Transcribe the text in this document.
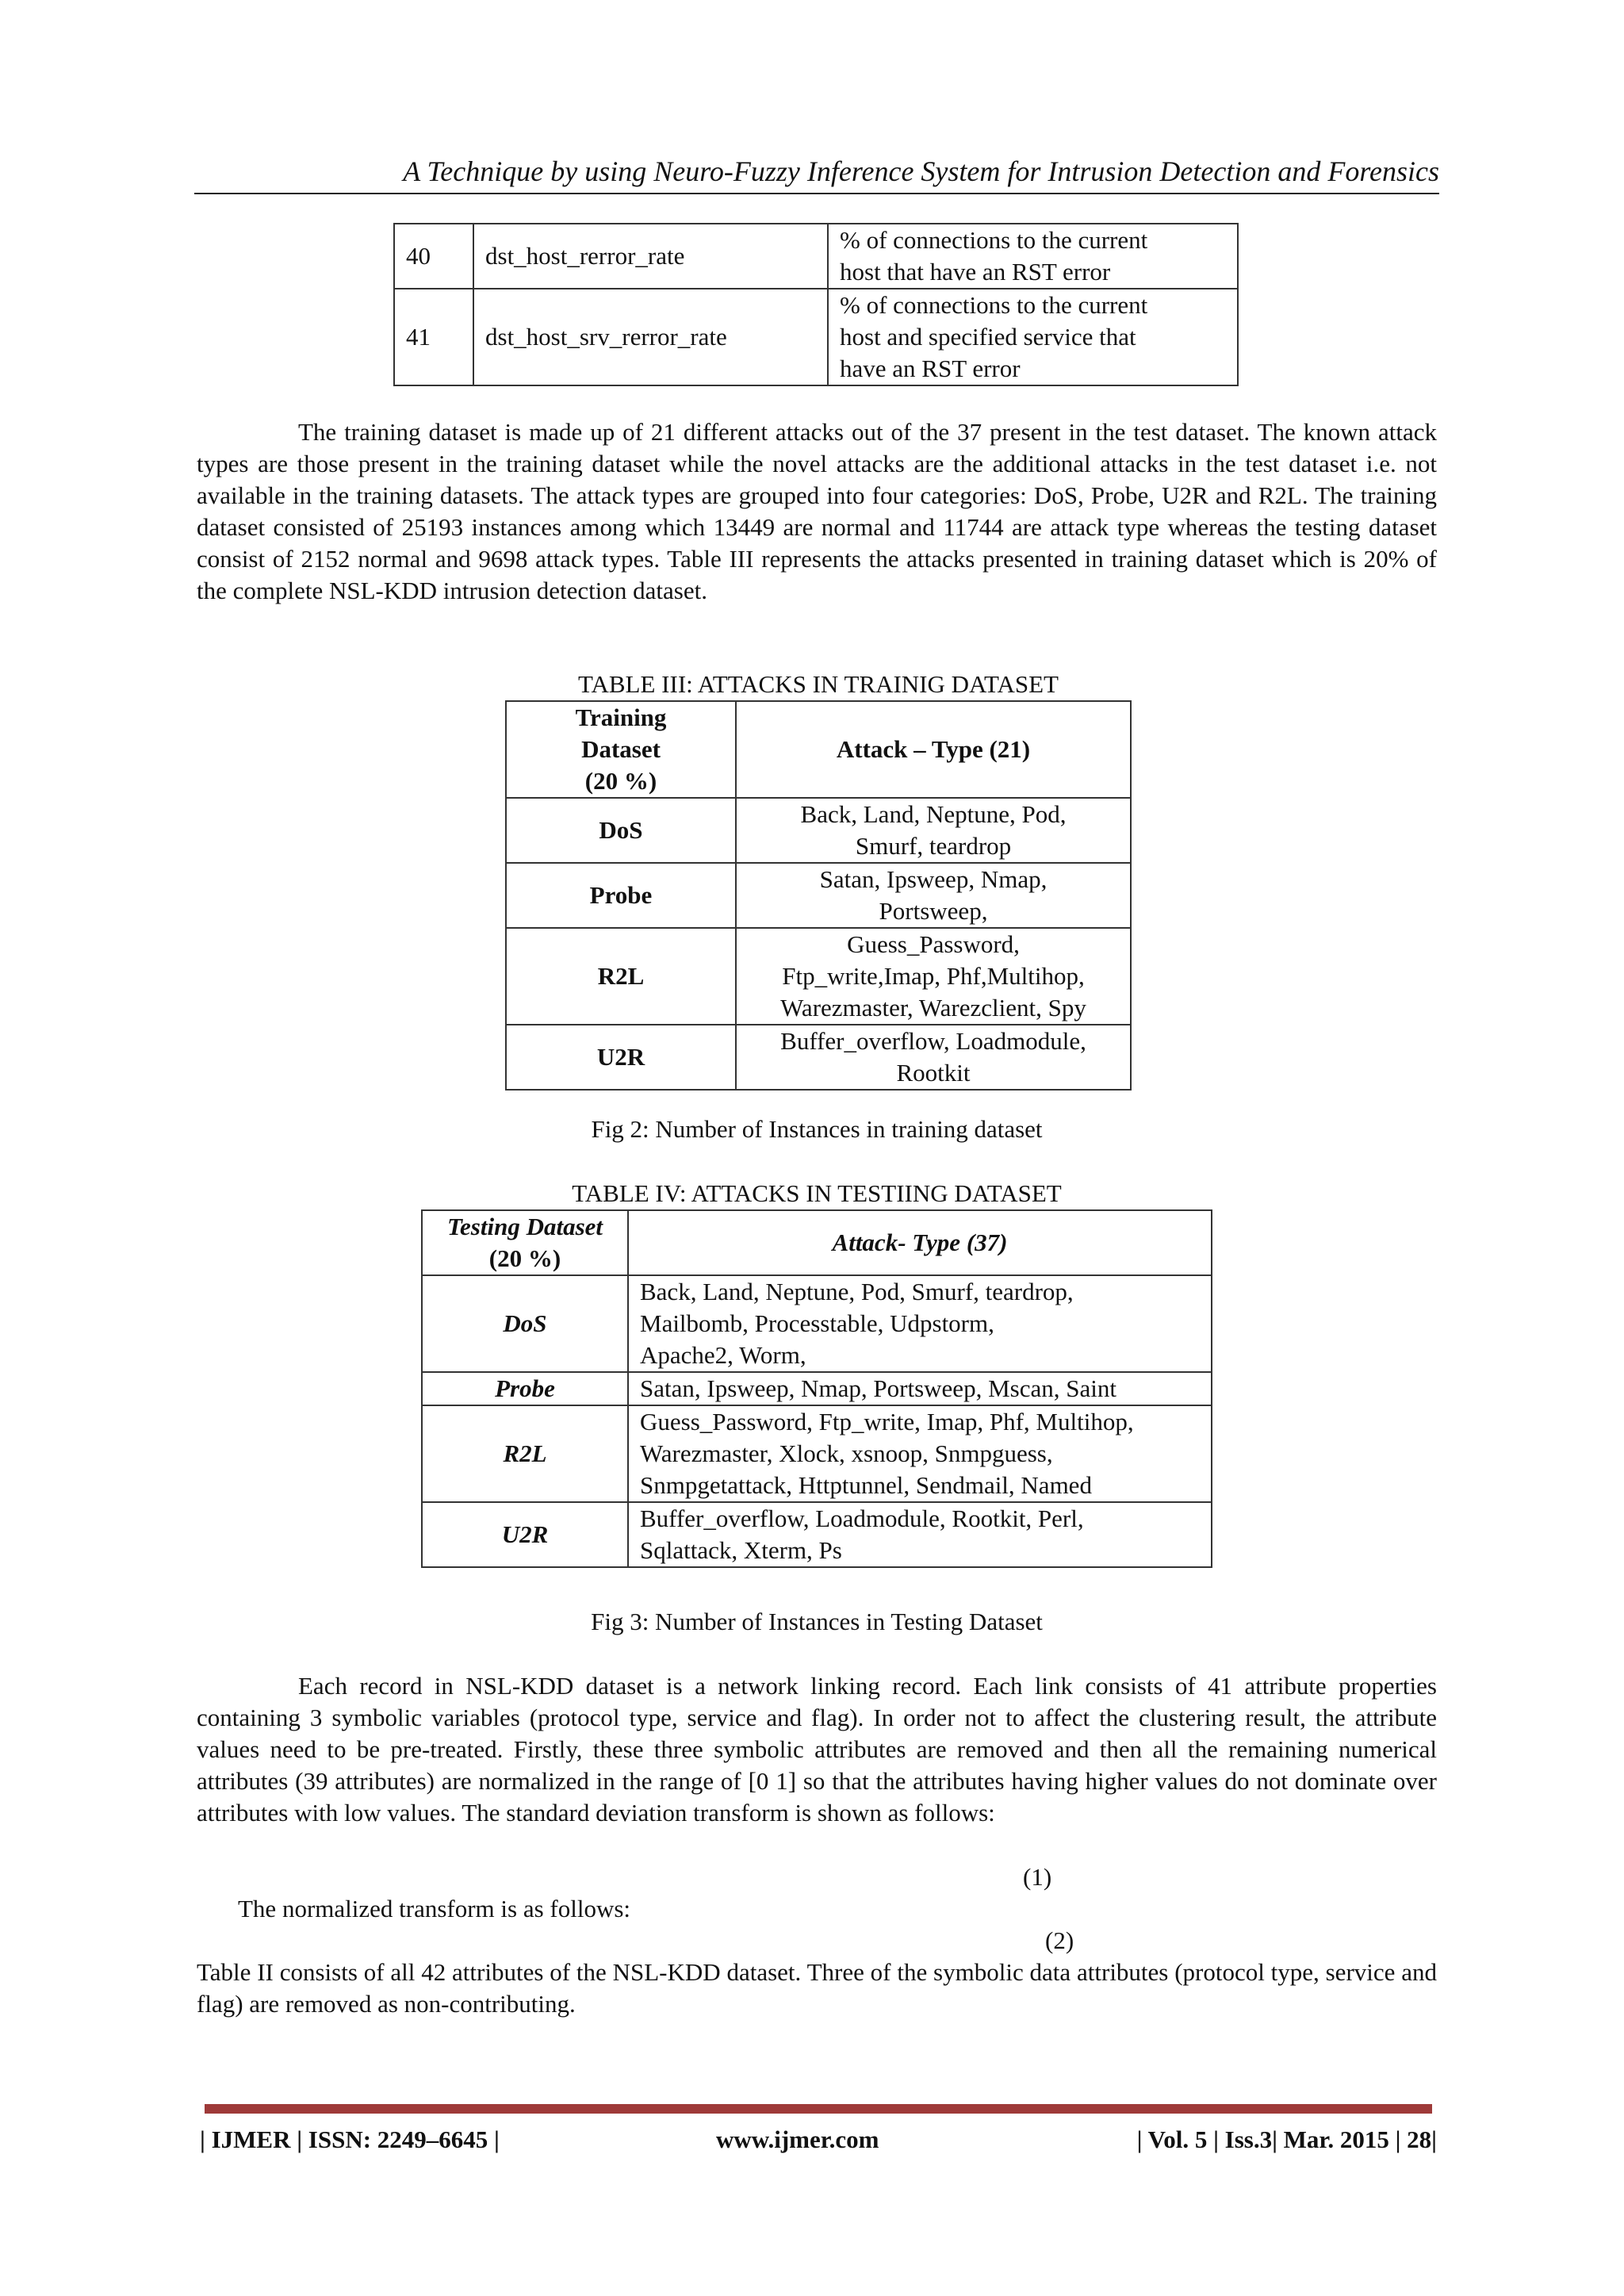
A Technique by using Neuro-Fuzzy Inference System for Intrusion Detection and Forensics
40	dst_host_rerror_rate	% of connections to the current
host that have an RST error

41	dst_host_srv_rerror_rate	% of connections to the current
host and specified service that
have an RST error

The training dataset is made up of 21 different attacks out of the 37 present in the test dataset. The known attack types are those present in the training dataset while the novel attacks are the additional attacks in the test dataset i.e. not available in the training datasets. The attack types are grouped into four categories: DoS, Probe, U2R and R2L. The training dataset consisted of 25193 instances among which 13449 are normal and 11744 are attack type whereas the testing dataset consist of 2152 normal and 9698 attack types. Table III represents the attacks presented in training dataset which is 20% of the complete NSL-KDD intrusion detection dataset.

TABLE III: ATTACKS IN TRAINIG DATASET
Training
Dataset
(20 %)	Attack – Type (21)
DoS	Back, Land, Neptune, Pod,
Smurf, teardrop

Probe	Satan, Ipsweep, Nmap,
Portsweep,

R2L	Guess_Password,
Ftp_write,Imap, Phf,Multihop,
Warezmaster, Warezclient, Spy

U2R	Buffer_overflow, Loadmodule,
Rootkit
Fig 2: Number of Instances in training dataset
TABLE IV: ATTACKS IN TESTIING DATASET
Testing Dataset
(20 %)	Attack- Type (37)
DoS	Back, Land, Neptune, Pod, Smurf, teardrop,
Mailbomb, Processtable, Udpstorm,
Apache2, Worm,

Probe	Satan, Ipsweep, Nmap, Portsweep, Mscan, Saint

R2L	Guess_Password, Ftp_write, Imap, Phf, Multihop,
Warezmaster, Xlock, xsnoop, Snmpguess,
Snmpgetattack, Httptunnel, Sendmail, Named

U2R	Buffer_overflow, Loadmodule, Rootkit, Perl,
Sqlattack, Xterm, Ps
Fig 3: Number of Instances in Testing Dataset

Each record in NSL-KDD dataset is a network linking record. Each link consists of 41 attribute properties containing 3 symbolic variables (protocol type, service and flag). In order not to affect the clustering result, the attribute values need to be pre-treated. Firstly, these three symbolic attributes are removed and then all the remaining numerical attributes (39 attributes) are normalized in the range of [0 1] so that the attributes having higher values do not dominate over attributes with low values. The standard deviation transform is shown as follows:

(1)
The normalized transform is as follows:
(2)

Table II consists of all 42 attributes of the NSL-KDD dataset. Three of the symbolic data attributes (protocol type, service and flag) are removed as non-contributing.

| IJMER | ISSN: 2249–6645 |	www.ijmer.com	| Vol. 5 | Iss.3| Mar. 2015 | 28|
